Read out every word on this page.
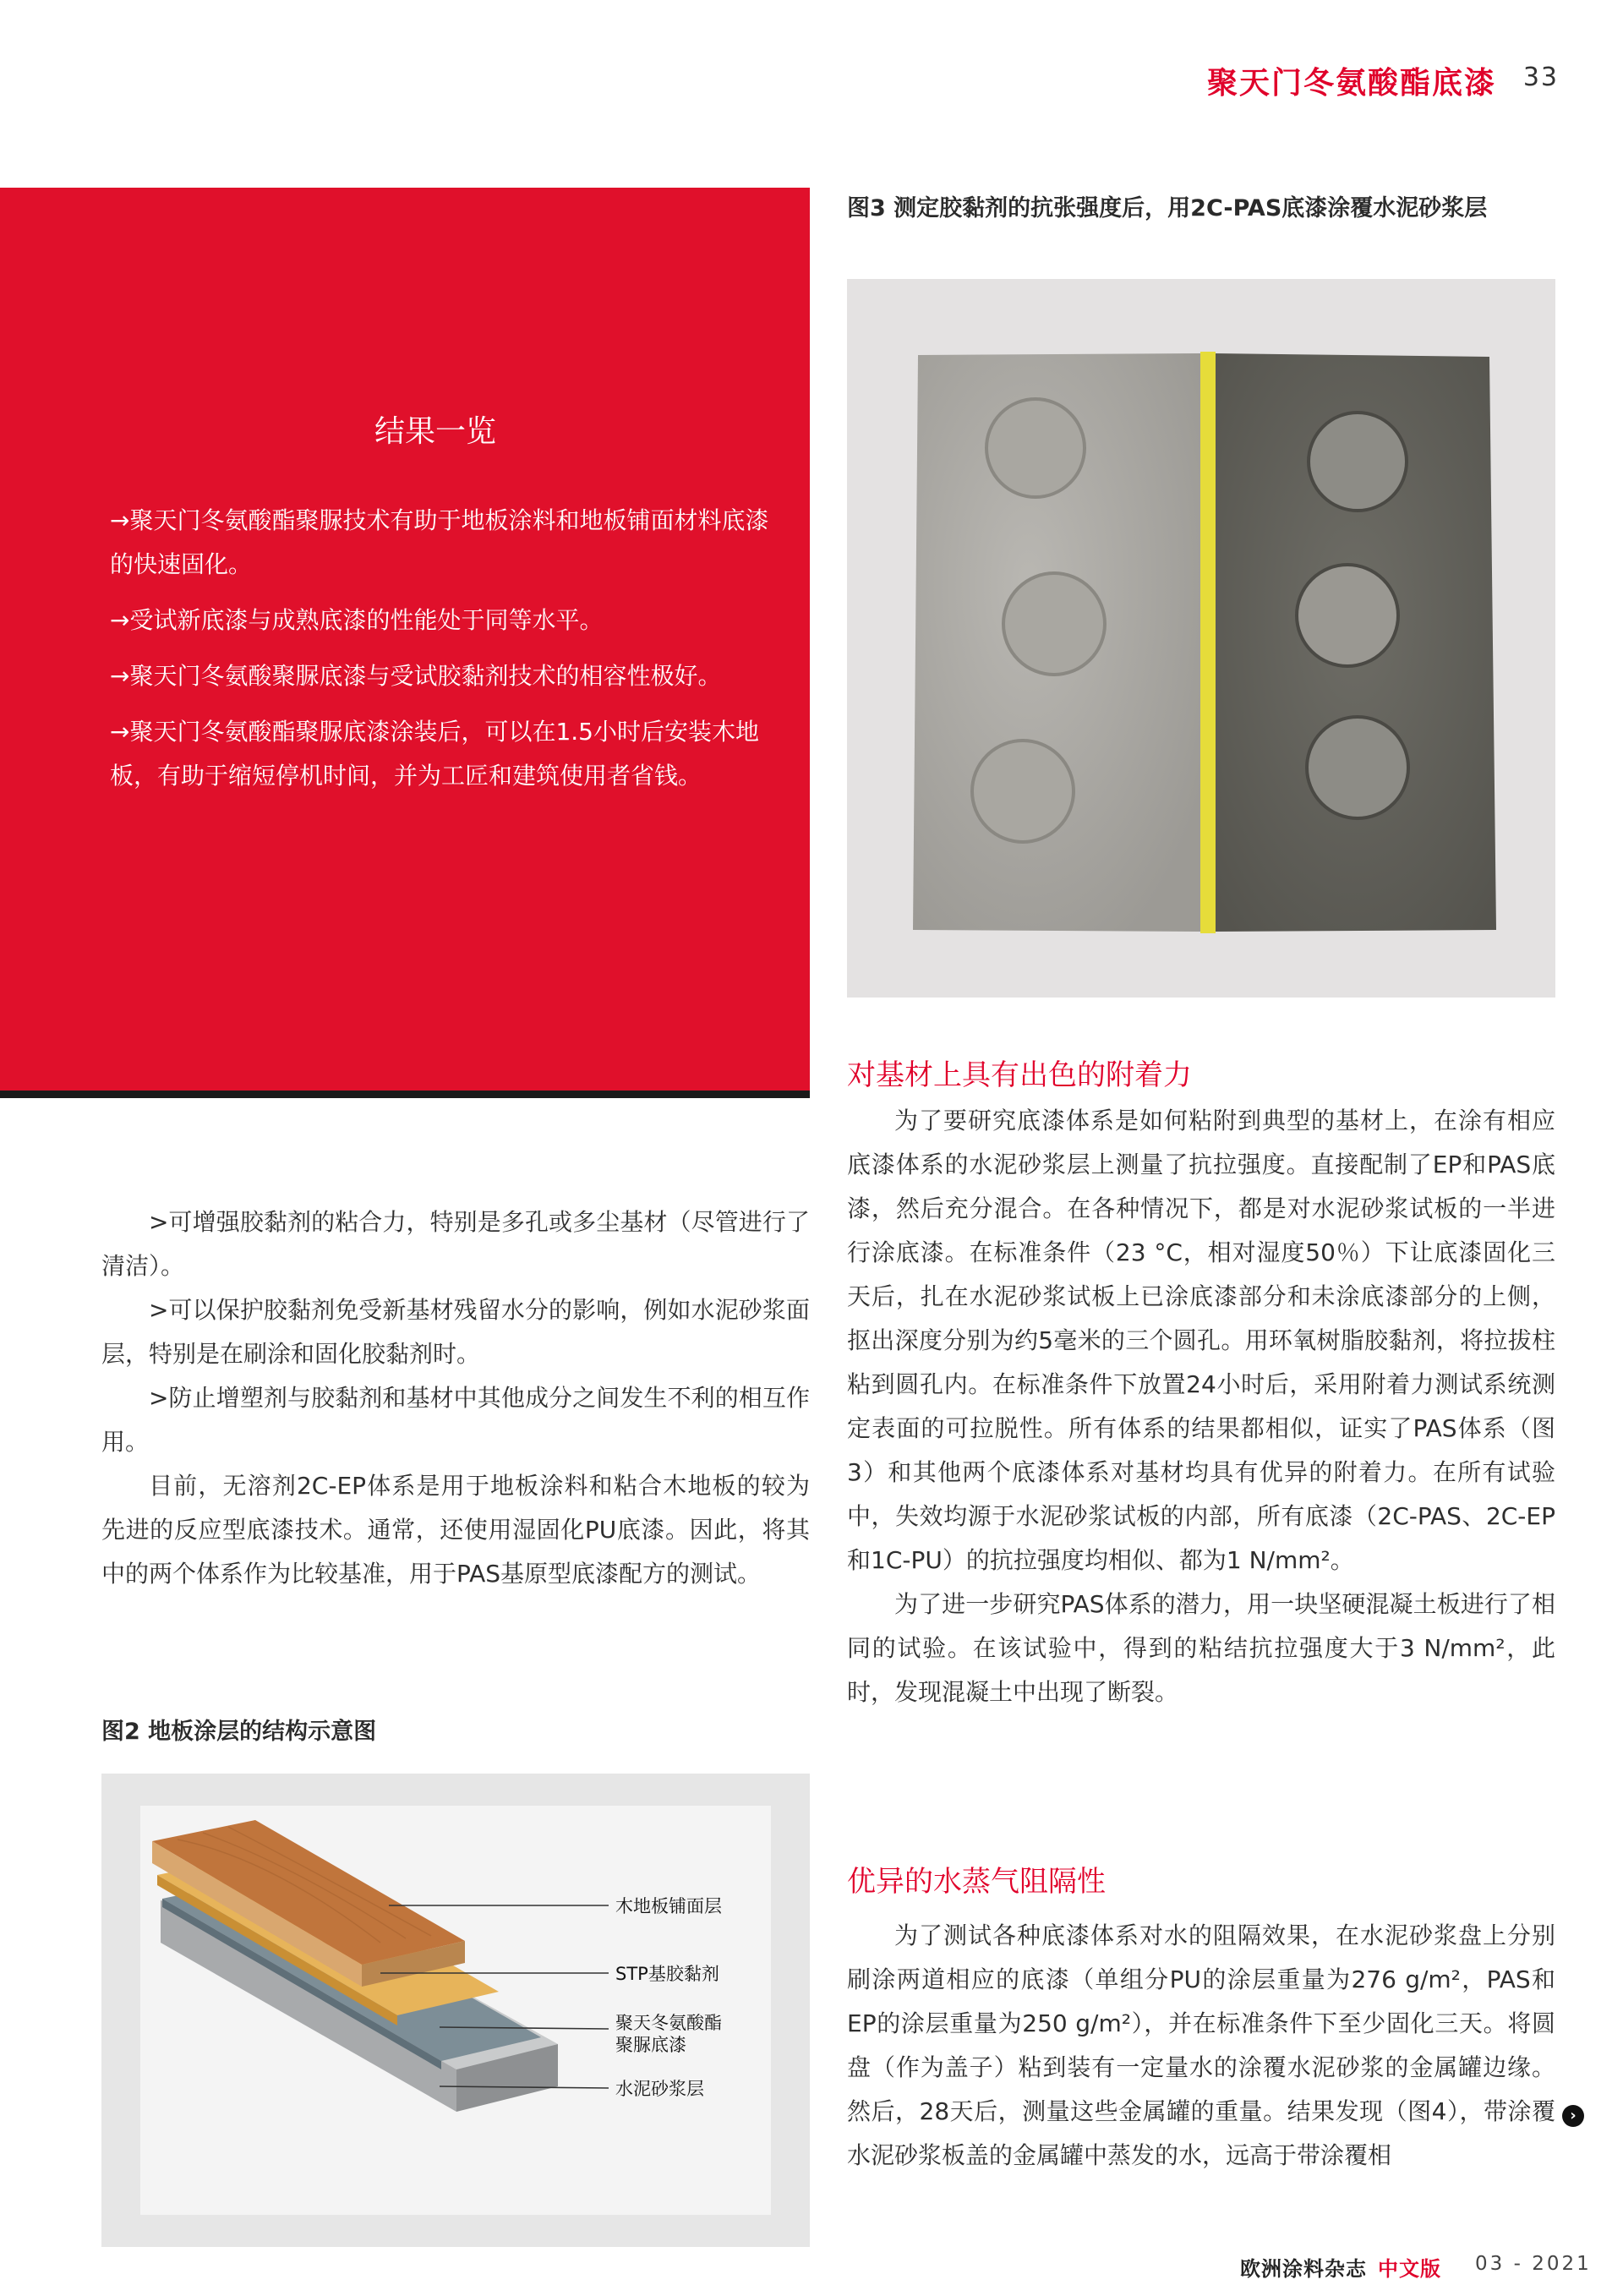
聚天门冬氨酸酯底漆 33
结果一览
→聚天门冬氨酸酯聚脲技术有助于地板涂料和地板铺面材料底漆的快速固化。
→受试新底漆与成熟底漆的性能处于同等水平。
→聚天门冬氨酸聚脲底漆与受试胶黏剂技术的相容性极好。
→聚天门冬氨酸酯聚脲底漆涂装后，可以在1.5小时后安装木地板，有助于缩短停机时间，并为工匠和建筑使用者省钱。

>可增强胶黏剂的粘合力，特别是多孔或多尘基材（尽管进行了清洁）。

>可以保护胶黏剂免受新基材残留水分的影响，例如水泥砂浆面层，特别是在刷涂和固化胶黏剂时。

>防止增塑剂与胶黏剂和基材中其他成分之间发生不利的相互作用。

目前，无溶剂2C-EP体系是用于地板涂料和粘合木地板的较为先进的反应型底漆技术。通常，还使用湿固化PU底漆。因此，将其中的两个体系作为比较基准，用于PAS基原型底漆配方的测试。

图3 测定胶黏剂的抗张强度后，用2C-PAS底漆涂覆水泥砂浆层
对基材上具有出色的附着力

为了要研究底漆体系是如何粘附到典型的基材上，在涂有相应底漆体系的水泥砂浆层上测量了抗拉强度。直接配制了EP和PAS底漆，然后充分混合。在各种情况下，都是对水泥砂浆试板的一半进行涂底漆。在标准条件（23 °C，相对湿度50％）下让底漆固化三天后，扎在水泥砂浆试板上已涂底漆部分和未涂底漆部分的上侧，抠出深度分别为约5毫米的三个圆孔。用环氧树脂胶黏剂，将拉拔柱粘到圆孔内。在标准条件下放置24小时后，采用附着力测试系统测定表面的可拉脱性。所有体系的结果都相似，证实了PAS体系（图3）和其他两个底漆体系对基材均具有优异的附着力。在所有试验中，失效均源于水泥砂浆试板的内部，所有底漆（2C-PAS、2C-EP和1C-PU）的抗拉强度均相似、都为1 N/mm²。

为了进一步研究PAS体系的潜力，用一块坚硬混凝土板进行了相同的试验。在该试验中，得到的粘结抗拉强度大于3 N/mm²，此时，发现混凝土中出现了断裂。

优异的水蒸气阻隔性

为了测试各种底漆体系对水的阻隔效果，在水泥砂浆盘上分别刷涂两道相应的底漆（单组分PU的涂层重量为276 g/m²，PAS和EP的涂层重量为250 g/m²），并在标准条件下至少固化三天。将圆盘（作为盖子）粘到装有一定量水的涂覆水泥砂浆的金属罐边缘。然后，28天后，测量这些金属罐的重量。结果发现（图4），带涂覆水泥砂浆板盖的金属罐中蒸发的水，远高于带涂覆相

图2 地板涂层的结构示意图
木地板铺面层
STP基胶黏剂
聚天冬氨酸酯
聚脲底漆
水泥砂浆层
›
欧洲涂料杂志 中文版 03 - 2021
